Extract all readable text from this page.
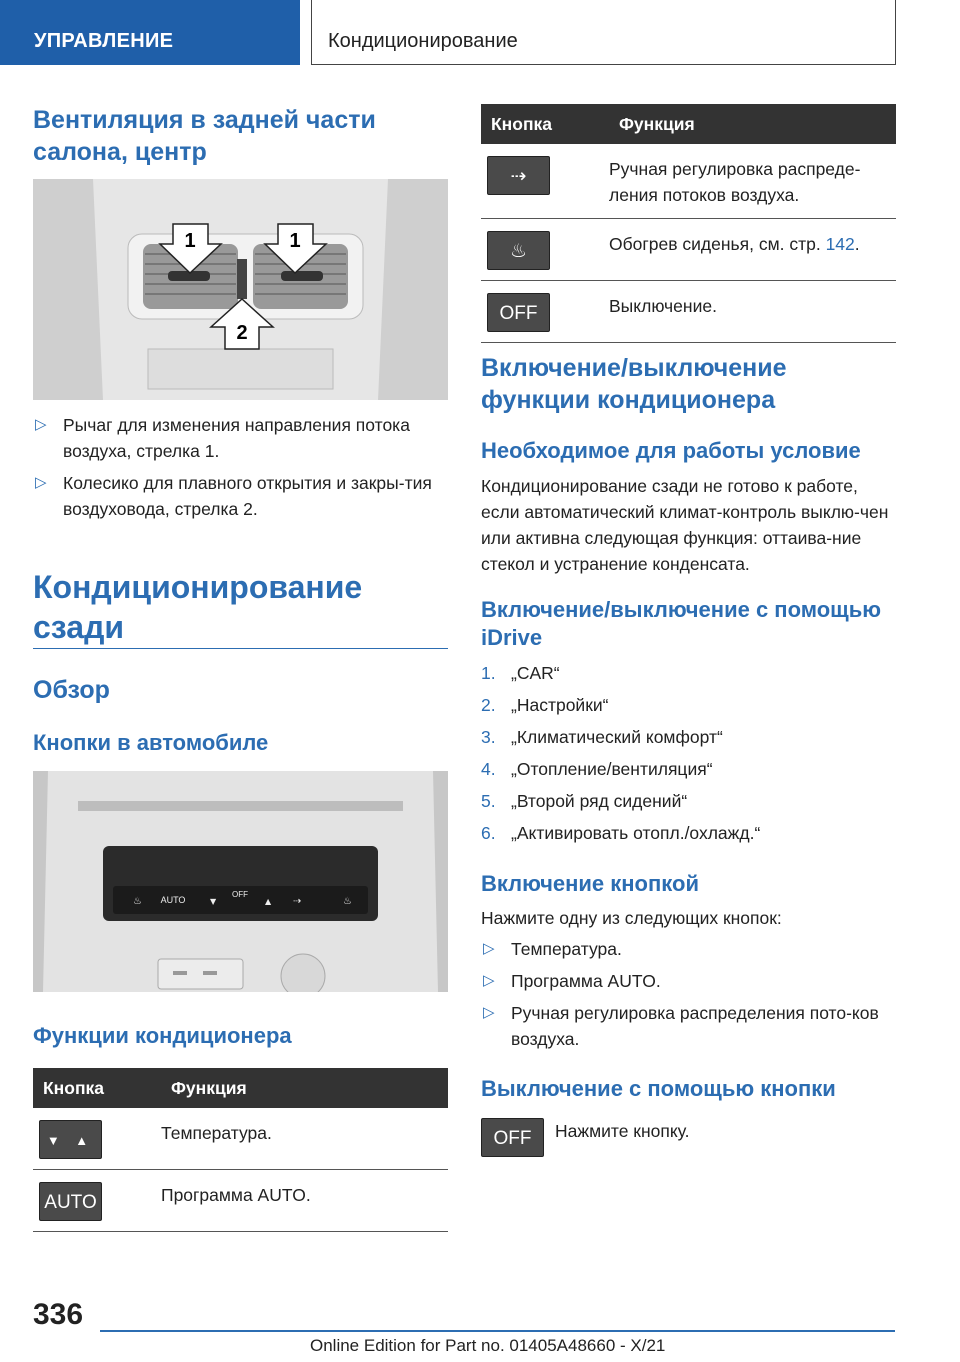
УПРАВЛЕНИЕ	Кондиционирование
Вентиляция в задней части салона, центр
1	1
2
▷ Рычаг для изменения направления потока воздуха, стрелка 1.
▷ Колесико для плавного открытия и закры-тия воздуховода, стрелка 2.
Кондиционирование сзади
Обзор
Кнопки в автомобиле
AUTO
OFF
♨	▼	▲ ⇢	♨
Функции кондиционера
Кнопка	Функция
▼ ▲	Температура.
AUTO	Программа AUTO.
Кнопка	Функция
⇢	Ручная регулировка распреде-ления потоков воздуха.
♨	Обогрев сиденья, см. стр. 142.
OFF	Выключение.
Включение/выключение функции кондиционера
Необходимое для работы условие
Кондиционирование сзади не готово к работе, если автоматический климат-контроль выклю-чен или активна следующая функция: оттаива-ние стекол и устранение конденсата.
Включение/выключение с помощью iDrive
1. „CAR“
2. „Настройки“
3. „Климатический комфорт“
4. „Отопление/вентиляция“
5. „Второй ряд сидений“
6. „Активировать отопл./охлажд.“
Включение кнопкой
Нажмите одну из следующих кнопок:
▷ Температура.
▷ Программа AUTO.
▷ Ручная регулировка распределения пото-ков воздуха.
Выключение с помощью кнопки
OFF	Нажмите кнопку.
336
Online Edition for Part no. 01405A48660 - X/21
